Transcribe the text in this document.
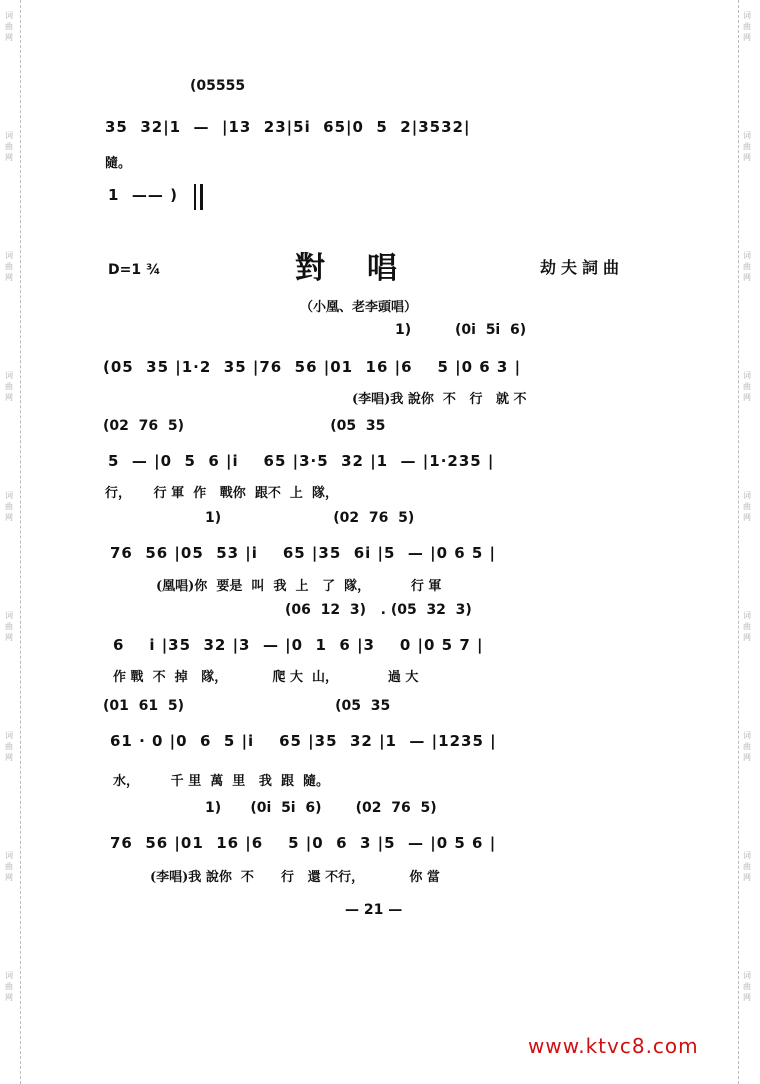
词
曲
网
词
曲
网
词
曲
网
词
曲
网
词
曲
网
词
曲
网
词
曲
网
词
曲
网
词
曲
网
词
曲
网
词
曲
网
词
曲
网
词
曲
网
词
曲
网
词
曲
网
词
曲
网
词
曲
网
词
曲
网
(05555
35  32|1  —  |13  23|5i  65|0  5  2|3532|
隨。
1  —— )
D=1 ¾	對唱	劫夫詞曲
（小凰、老李頭唱）
1)         (0i  5i  6)
(05  35 |1·2  35 |76  56 |01  16 |6    5 |0 6 3 |
(李唱)我 說你  不   行   就 不
(02  76  5)                              (05  35
5  — |0  5  6 |i    65 |3·5  32 |1  — |1·235 |
行，     行 軍  作   戰你  跟不  上  隊，
1)                       (02  76  5)
76  56 |05  53 |i    65 |35  6i |5  — |0 6 5 |
(凰唱)你  要是  叫  我  上   了  隊，         行 軍
(06  12  3)   . (05  32  3)
6    i |35  32 |3  — |0  1  6 |3    0 |0 5 7 |
作 戰  不  掉   隊，          爬 大  山，           過 大
(01  61  5)                               (05  35
61 · 0 |0  6  5 |i    65 |35  32 |1  — |1235 |
水，       千 里  萬  里   我  跟  隨。
1)      (0i  5i  6)       (02  76  5)
76  56 |01  16 |6    5 |0  6  3 |5  — |0 5 6 |
(李唱)我 說你  不      行   還 不行，          你 當
— 21 —
www.ktvc8.com
